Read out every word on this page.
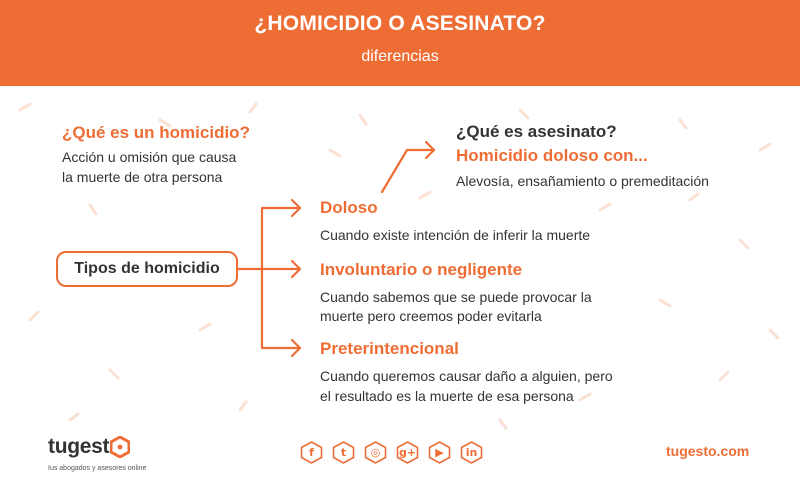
¿HOMICIDIO O ASESINATO?
diferencias
¿Qué es un homicidio?
Acción u omisión que causa
la muerte de otra persona
¿Qué es asesinato?
Homicidio doloso con...
Alevosía, ensañamiento o premeditación
Tipos de homicidio
Doloso
Cuando existe intención de inferir la muerte
Involuntario o negligente
Cuando sabemos que se puede provocar la
muerte pero creemos poder evitarla
Preterintencional
Cuando queremos causar daño a alguien, pero
el resultado es la muerte de esa persona
tugest
Ius abogados y asesores online
f t ◎ g+ ▶ in	tugesto.com
